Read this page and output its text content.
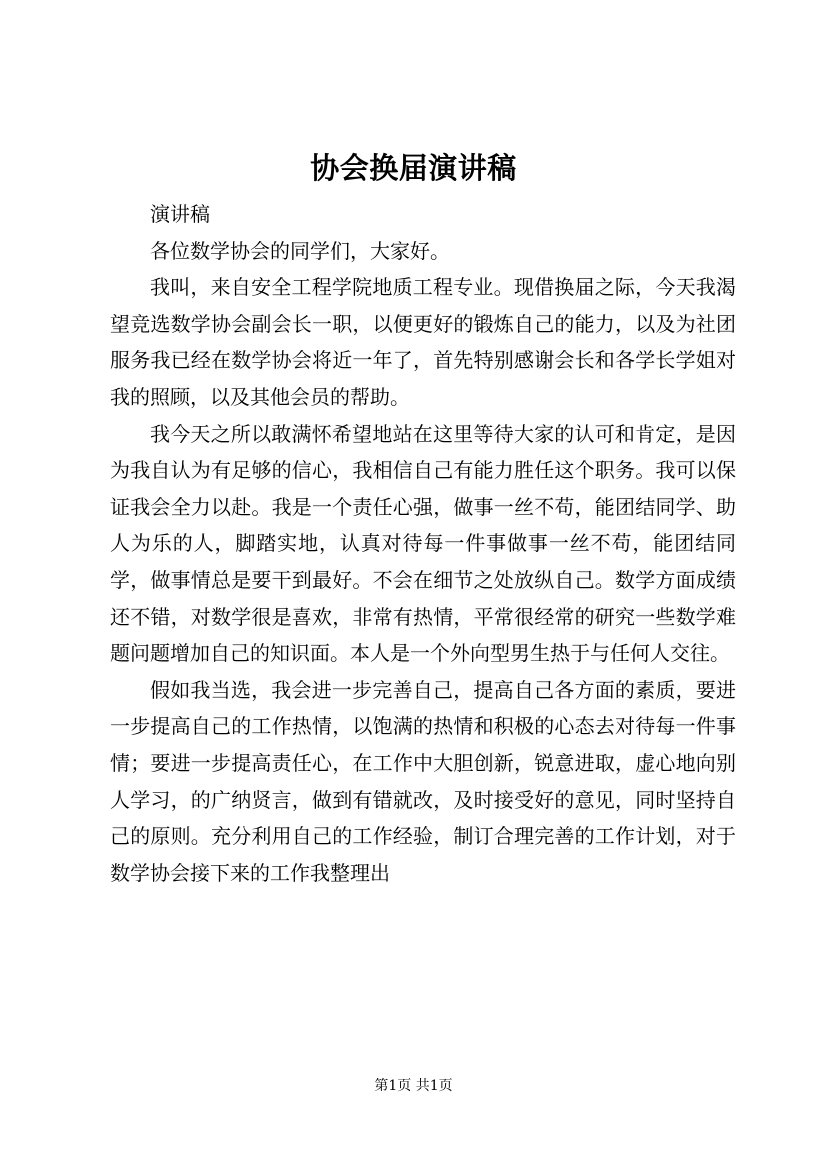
协会换届演讲稿

演讲稿

各位数学协会的同学们，大家好。

我叫，来自安全工程学院地质工程专业。现借换届之际，今天我渴望竞选数学协会副会长一职，以便更好的锻炼自己的能力，以及为社团服务我已经在数学协会将近一年了，首先特别感谢会长和各学长学姐对我的照顾，以及其他会员的帮助。

我今天之所以敢满怀希望地站在这里等待大家的认可和肯定，是因为我自认为有足够的信心，我相信自己有能力胜任这个职务。我可以保证我会全力以赴。我是一个责任心强，做事一丝不苟，能团结同学、助人为乐的人，脚踏实地，认真对待每一件事做事一丝不苟，能团结同学，做事情总是要干到最好。不会在细节之处放纵自己。数学方面成绩还不错，对数学很是喜欢，非常有热情，平常很经常的研究一些数学难题问题增加自己的知识面。本人是一个外向型男生热于与任何人交往。

假如我当选，我会进一步完善自己，提高自己各方面的素质，要进一步提高自己的工作热情，以饱满的热情和积极的心态去对待每一件事情；要进一步提高责任心，在工作中大胆创新，锐意进取，虚心地向别人学习，的广纳贤言，做到有错就改，及时接受好的意见，同时坚持自己的原则。充分利用自己的工作经验，制订合理完善的工作计划，对于数学协会接下来的工作我整理出

第1页 共1页
